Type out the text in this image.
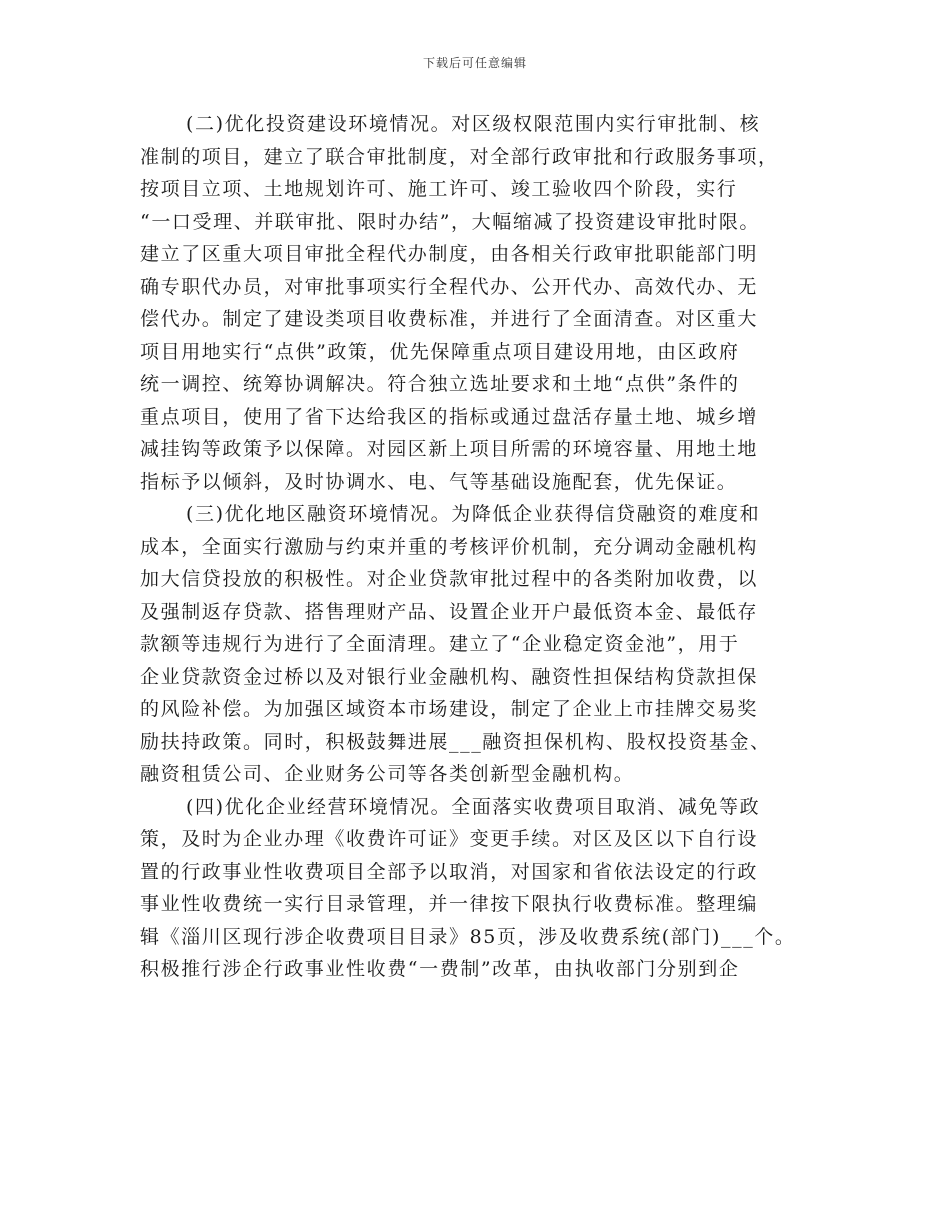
下载后可任意编辑
(二)优化投资建设环境情况。对区级权限范围内实行审批制、核
准制的项目，建立了联合审批制度，对全部行政审批和行政服务事项，
按项目立项、土地规划许可、施工许可、竣工验收四个阶段，实行
“一口受理、并联审批、限时办结”，大幅缩减了投资建设审批时限。
建立了区重大项目审批全程代办制度，由各相关行政审批职能部门明
确专职代办员，对审批事项实行全程代办、公开代办、高效代办、无
偿代办。制定了建设类项目收费标准，并进行了全面清查。对区重大
项目用地实行“点供”政策，优先保障重点项目建设用地，由区政府
统一调控、统筹协调解决。符合独立选址要求和土地“点供”条件的
重点项目，使用了省下达给我区的指标或通过盘活存量土地、城乡增
减挂钩等政策予以保障。对园区新上项目所需的环境容量、用地土地
指标予以倾斜，及时协调水、电、气等基础设施配套，优先保证。
(三)优化地区融资环境情况。为降低企业获得信贷融资的难度和
成本，全面实行激励与约束并重的考核评价机制，充分调动金融机构
加大信贷投放的积极性。对企业贷款审批过程中的各类附加收费，以
及强制返存贷款、搭售理财产品、设置企业开户最低资本金、最低存
款额等违规行为进行了全面清理。建立了“企业稳定资金池”，用于
企业贷款资金过桥以及对银行业金融机构、融资性担保结构贷款担保
的风险补偿。为加强区域资本市场建设，制定了企业上市挂牌交易奖
励扶持政策。同时，积极鼓舞进展___融资担保机构、股权投资基金、
融资租赁公司、企业财务公司等各类创新型金融机构。
(四)优化企业经营环境情况。全面落实收费项目取消、减免等政
策，及时为企业办理《收费许可证》变更手续。对区及区以下自行设
置的行政事业性收费项目全部予以取消，对国家和省依法设定的行政
事业性收费统一实行目录管理，并一律按下限执行收费标准。整理编
辑《淄川区现行涉企收费项目目录》85页，涉及收费系统(部门)___个。
积极推行涉企行政事业性收费“一费制”改革，由执收部门分别到企
